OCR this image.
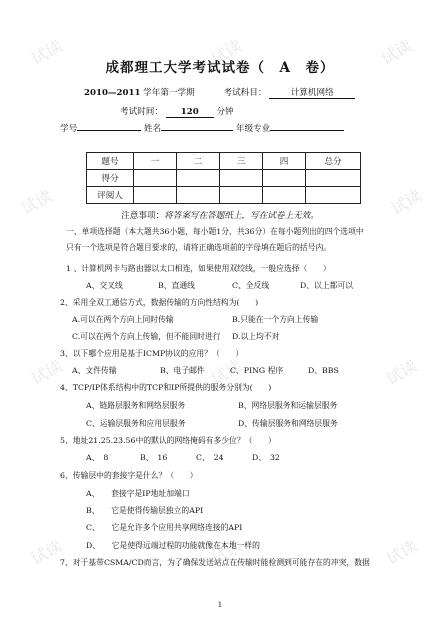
试读	试读	试读
试读	试读
试读	试读	试读
试读	试读	试读
成都理工大学考试试卷（　A　卷）
2010—2011 学年第一学期	考试科目：	计算机网络
考试时间： 120 分钟
学号	姓名	年级专业
题号	一	二	三	四	总分
得分					
评阅人					
注意事项：将答案写在答题纸上，写在试卷上无效。
一、单项选择题（本大题共36小题，每小题1分，共36分）在每小题列出的四个选项中
只有一个选项是符合题目要求的，请将正确选项前的字母填在题后的括号内。
1 、计算机网卡与路由器以太口相连，如果使用双绞线，一般应选择（　　）
A、交叉线	B、直通线	C、全反线	D、以上都可以
2、采用全双工通信方式，数据传输的方向性结构为(　　)
A.可以在两个方向上同时传输	B.只能在一个方向上传输
C.可以在两个方向上传输，但不能同时进行 D.以上均不对
3、以下哪个应用是基于ICMP协议的应用？（　　）
A、文件传输	B、电子邮件	C、PING 程序	D、BBS
4、TCP/IP体系结构中的TCP和IP所提供的服务分别为(　　)
A、链路层服务和网络层服务	B、网络层服务和运输层服务
C、运输层服务和应用层服务	D、传输层服务和网络层服务
5、地址21.25.23.56中的默认的网络掩码有多少位？（　　）
A、　8	B、　16	C、　24	D、　32
6、传输层中的套接字是什么？（　　）
A、　　套接字是IP地址加端口
B、　　它是使得传输层独立的API
C、　　它是允许多个应用共享网络连接的API
D、　　它是使得远端过程的功能就像在本地一样的
7、对于基带CSMA/CD而言，为了确保发送站点在传输时能检测到可能存在的冲突，数据
1
